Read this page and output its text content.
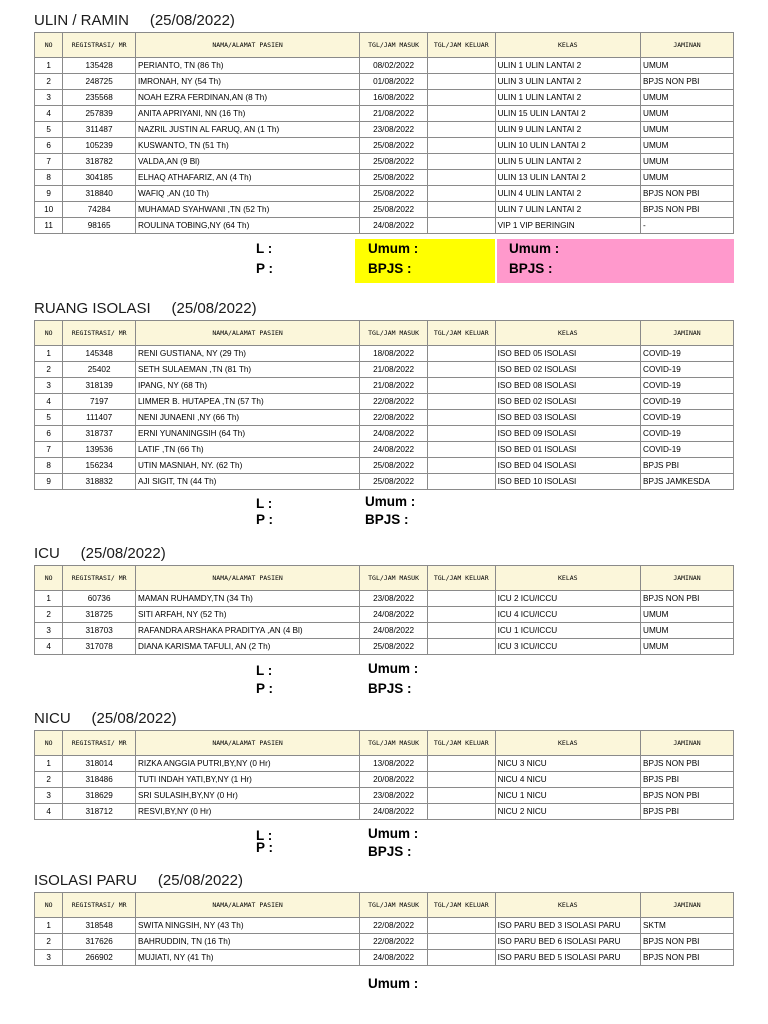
ULIN / RAMIN     (25/08/2022)
NO	REGISTRASI/ MR	NAMA/ALAMAT PASIEN	TGL/JAM MASUK	TGL/JAM KELUAR	KELAS	JAMINAN
1	135428	PERIANTO, TN (86 Th)	08/02/2022		ULIN 1 ULIN LANTAI 2	UMUM
2	248725	IMRONAH, NY (54 Th)	01/08/2022		ULIN 3 ULIN LANTAI 2	BPJS NON PBI
3	235568	NOAH EZRA FERDINAN,AN (8 Th)	16/08/2022		ULIN 1 ULIN LANTAI 2	UMUM
4	257839	ANITA APRIYANI, NN (16 Th)	21/08/2022		ULIN 15 ULIN LANTAI 2	UMUM
5	311487	NAZRIL JUSTIN AL FARUQ, AN (1 Th)	23/08/2022		ULIN 9 ULIN LANTAI 2	UMUM
6	105239	KUSWANTO, TN (51 Th)	25/08/2022		ULIN 10 ULIN LANTAI 2	UMUM
7	318782	VALDA,AN (9 Bl)	25/08/2022		ULIN 5 ULIN LANTAI 2	UMUM
8	304185	ELHAQ ATHAFARIZ, AN (4 Th)	25/08/2022		ULIN 13 ULIN LANTAI 2	UMUM
9	318840	WAFIQ ,AN (10 Th)	25/08/2022		ULIN 4 ULIN LANTAI 2	BPJS NON PBI
10	74284	MUHAMAD SYAHWANI ,TN (52 Th)	25/08/2022		ULIN 7 ULIN LANTAI 2	BPJS NON PBI
11	98165	ROULINA TOBING,NY (64 Th)	24/08/2022		VIP 1 VIP BERINGIN	-
L :
P :
Umum :
BPJS :
Umum :
BPJS :
RUANG ISOLASI     (25/08/2022)
NO	REGISTRASI/ MR	NAMA/ALAMAT PASIEN	TGL/JAM MASUK	TGL/JAM KELUAR	KELAS	JAMINAN
1	145348	RENI GUSTIANA, NY (29 Th)	18/08/2022		ISO BED 05 ISOLASI	COVID-19
2	25402	SETH SULAEMAN ,TN (81 Th)	21/08/2022		ISO BED 02 ISOLASI	COVID-19
3	318139	IPANG, NY (68 Th)	21/08/2022		ISO BED 08 ISOLASI	COVID-19
4	7197	LIMMER B. HUTAPEA ,TN (57 Th)	22/08/2022		ISO BED 02 ISOLASI	COVID-19
5	111407	NENI JUNAENI ,NY (66 Th)	22/08/2022		ISO BED 03 ISOLASI	COVID-19
6	318737	ERNI YUNANINGSIH (64 Th)	24/08/2022		ISO BED 09 ISOLASI	COVID-19
7	139536	LATIF ,TN (66 Th)	24/08/2022		ISO BED 01 ISOLASI	COVID-19
8	156234	UTIN MASNIAH, NY. (62 Th)	25/08/2022		ISO BED 04 ISOLASI	BPJS PBI
9	318832	AJI SIGIT, TN (44 Th)	25/08/2022		ISO BED 10 ISOLASI	BPJS JAMKESDA
L :
P :
Umum :
BPJS :
ICU     (25/08/2022)
NO	REGISTRASI/ MR	NAMA/ALAMAT PASIEN	TGL/JAM MASUK	TGL/JAM KELUAR	KELAS	JAMINAN
1	60736	MAMAN RUHAMDY,TN (34 Th)	23/08/2022		ICU 2 ICU/ICCU	BPJS NON PBI
2	318725	SITI ARFAH, NY (52 Th)	24/08/2022		ICU 4 ICU/ICCU	UMUM
3	318703	RAFANDRA ARSHAKA PRADITYA ,AN (4 Bl)	24/08/2022		ICU 1 ICU/ICCU	UMUM
4	317078	DIANA KARISMA TAFULI, AN (2 Th)	25/08/2022		ICU 3 ICU/ICCU	UMUM
L :
P :
Umum :
BPJS :
NICU     (25/08/2022)
NO	REGISTRASI/ MR	NAMA/ALAMAT PASIEN	TGL/JAM MASUK	TGL/JAM KELUAR	KELAS	JAMINAN
1	318014	RIZKA ANGGIA PUTRI,BY,NY (0 Hr)	13/08/2022		NICU 3 NICU	BPJS NON PBI
2	318486	TUTI INDAH YATI,BY,NY (1 Hr)	20/08/2022		NICU 4 NICU	BPJS PBI
3	318629	SRI SULASIH,BY,NY (0 Hr)	23/08/2022		NICU 1 NICU	BPJS NON PBI
4	318712	RESVI,BY,NY (0 Hr)	24/08/2022		NICU 2 NICU	BPJS PBI
L :
P :
Umum :
BPJS :
ISOLASI PARU     (25/08/2022)
NO	REGISTRASI/ MR	NAMA/ALAMAT PASIEN	TGL/JAM MASUK	TGL/JAM KELUAR	KELAS	JAMINAN
1	318548	SWITA NINGSIH, NY (43 Th)	22/08/2022		ISO PARU BED 3 ISOLASI PARU	SKTM
2	317626	BAHRUDDIN, TN (16 Th)	22/08/2022		ISO PARU BED 6 ISOLASI PARU	BPJS NON PBI
3	266902	MUJIATI, NY (41 Th)	24/08/2022		ISO PARU BED 5 ISOLASI PARU	BPJS NON PBI
Umum :
